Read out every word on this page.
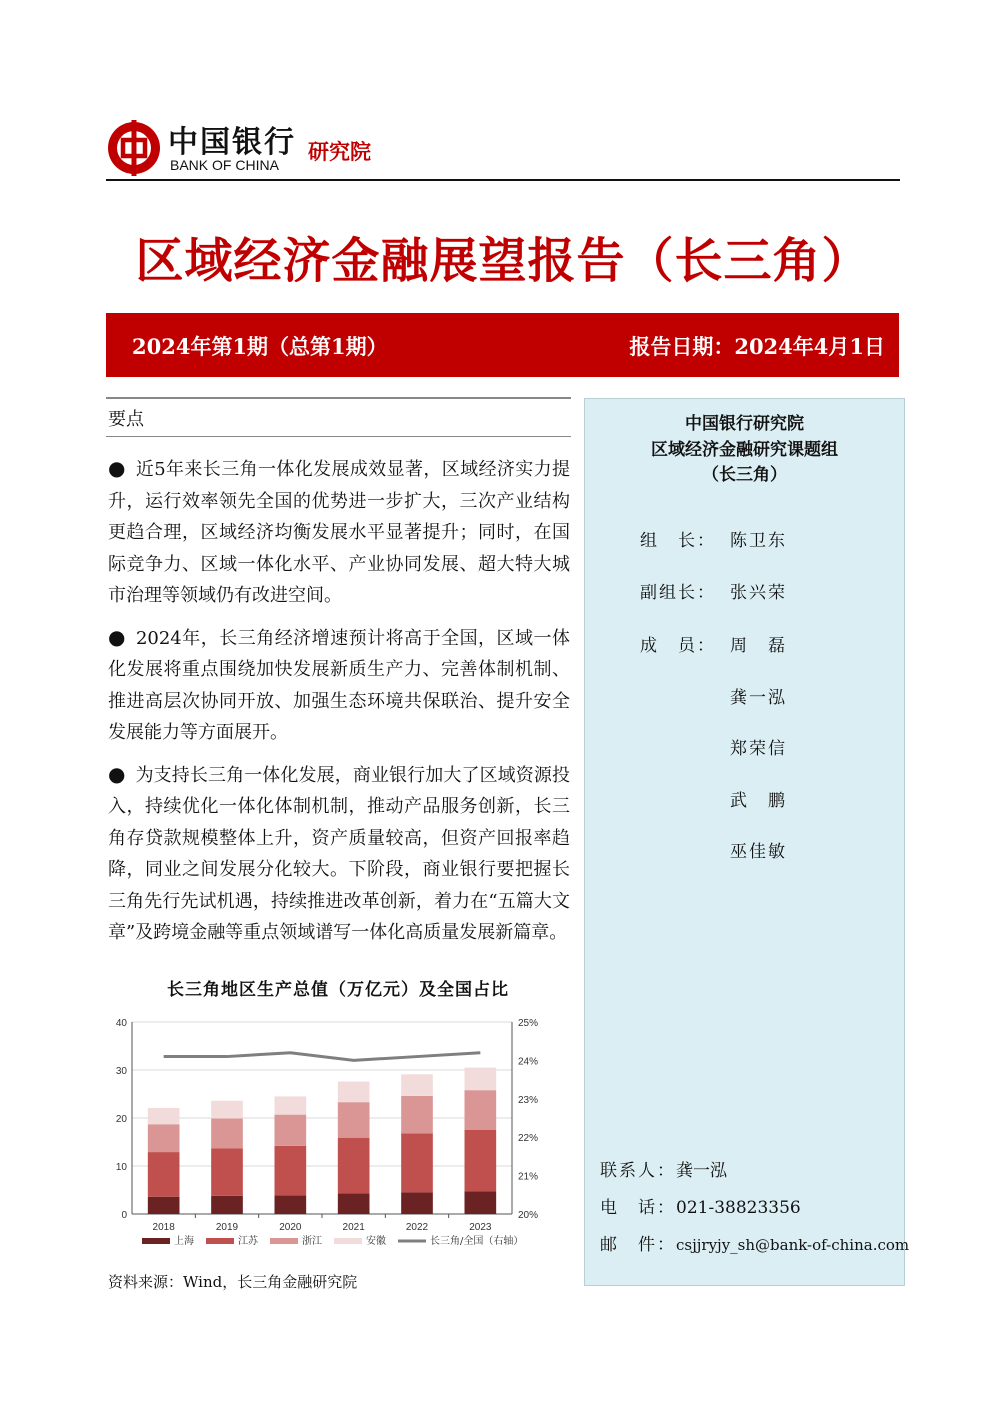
中国银行
BANK OF CHINA
研究院
区域经济金融展望报告（长三角）
2024年第1期（总第1期）	报告日期：2024年4月1日
要点

● 近5年来长三角一体化发展成效显著，区域经济实力提升，运行效率领先全国的优势进一步扩大，三次产业结构更趋合理，区域经济均衡发展水平显著提升；同时，在国际竞争力、区域一体化水平、产业协同发展、超大特大城市治理等领域仍有改进空间。

● 2024年，长三角经济增速预计将高于全国，区域一体化发展将重点围绕加快发展新质生产力、完善体制机制、推进高层次协同开放、加强生态环境共保联治、提升安全发展能力等方面展开。

● 为支持长三角一体化发展，商业银行加大了区域资源投入，持续优化一体化体制机制，推动产品服务创新，长三角存贷款规模整体上升，资产质量较高，但资产回报率趋降，同业之间发展分化较大。下阶段，商业银行要把握长三角先行先试机遇，持续推进改革创新，着力在“五篇大文章”及跨境金融等重点领域谱写一体化高质量发展新篇章。

长三角地区生产总值（万亿元）及全国占比
0
10
20
30
40
20%
21%
22%
23%
24%
25%
2018	2019	2020	2021	2022	2023
上海	江苏	浙江	安徽	长三角/全国（右轴）
资料来源：Wind，长三角金融研究院
中国银行研究院
区域经济金融研究课题组
（长三角）
组　长： 陈卫东
副组长： 张兴荣
成　员： 周　磊
龚一泓
郑荣信
武　鹏
巫佳敏
联系人：龚一泓
电　话：021-38823356
邮　件：csjjryjy_sh@bank-of-china.com
